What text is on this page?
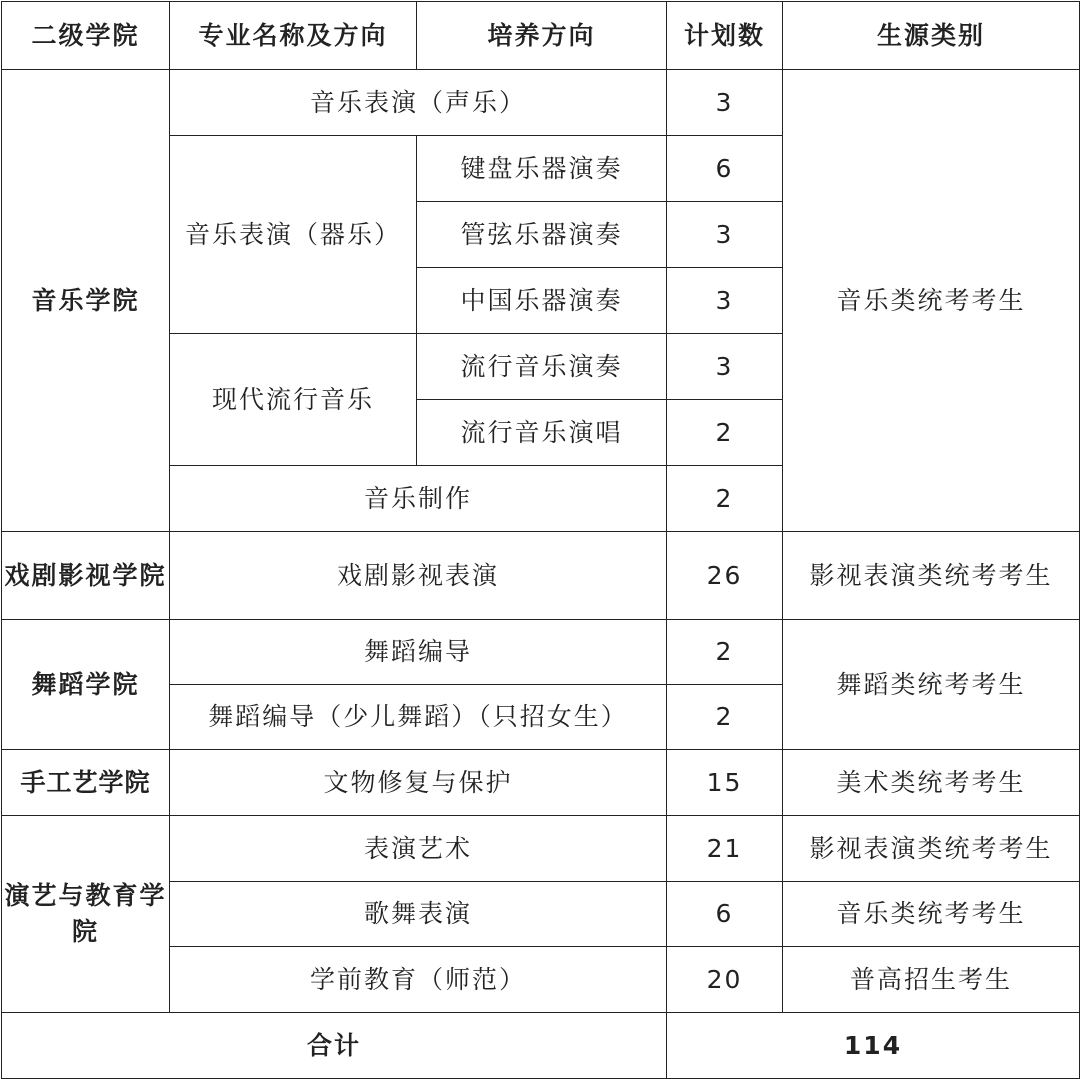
二级学院	专业名称及方向	培养方向	计划数	生源类别
音乐学院	音乐表演（声乐）		3	音乐类统考考生
	音乐表演（器乐）	键盘乐器演奏	6	
		管弦乐器演奏	3	
		中国乐器演奏	3	
	现代流行音乐	流行音乐演奏	3	
		流行音乐演唱	2	
	音乐制作		2	
戏剧影视学院	戏剧影视表演		26	影视表演类统考考生
舞蹈学院	舞蹈编导		2	舞蹈类统考考生
	舞蹈编导（少儿舞蹈）（只招女生）		2	
手工艺学院	文物修复与保护		15	美术类统考考生
演艺与教育学院	表演艺术		21	影视表演类统考考生
	歌舞表演		6	音乐类统考考生
	学前教育（师范）		20	普高招生考生
合计			114	
